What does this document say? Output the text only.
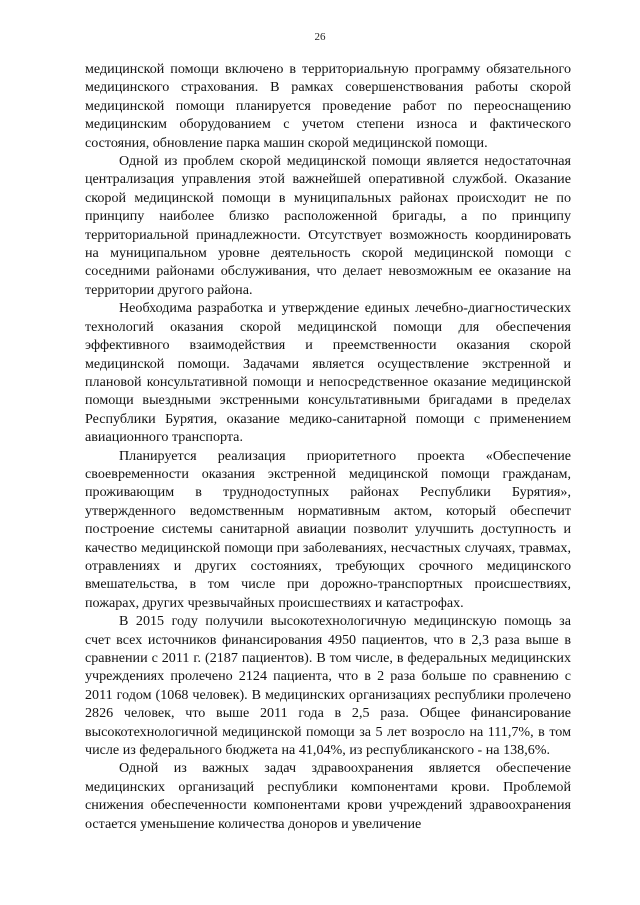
26

медицинской помощи включено в территориальную программу обязательного медицинского страхования. В рамках совершенствования работы скорой медицинской помощи планируется проведение работ по переоснащению медицинским оборудованием с учетом степени износа и фактического состояния, обновление парка машин скорой медицинской помощи.

Одной из проблем скорой медицинской помощи является недостаточная централизация управления этой важнейшей оперативной службой. Оказание скорой медицинской помощи в муниципальных районах происходит не по принципу наиболее близко расположенной бригады, а по принципу территориальной принадлежности. Отсутствует возможность координировать на муниципальном уровне деятельность скорой медицинской помощи с соседними районами обслуживания, что делает невозможным ее оказание на территории другого района.

Необходима разработка и утверждение единых лечебно-диагностических технологий оказания скорой медицинской помощи для обеспечения эффективного взаимодействия и преемственности оказания скорой медицинской помощи. Задачами является осуществление экстренной и плановой консультативной помощи и непосредственное оказание медицинской помощи выездными экстренными консультативными бригадами в пределах Республики Бурятия, оказание медико-санитарной помощи с применением авиационного транспорта.

Планируется реализация приоритетного проекта «Обеспечение своевременности оказания экстренной медицинской помощи гражданам, проживающим в труднодоступных районах Республики Бурятия», утвержденного ведомственным нормативным актом, который обеспечит построение системы санитарной авиации позволит улучшить доступность и качество медицинской помощи при заболеваниях, несчастных случаях, травмах, отравлениях и других состояниях, требующих срочного медицинского вмешательства, в том числе при дорожно-транспортных происшествиях, пожарах, других чрезвычайных происшествиях и катастрофах.

В 2015 году получили высокотехнологичную медицинскую помощь за счет всех источников финансирования 4950 пациентов, что в 2,3 раза выше в сравнении с 2011 г. (2187 пациентов). В том числе, в федеральных медицинских учреждениях пролечено 2124 пациента, что в 2 раза больше по сравнению с 2011 годом (1068 человек). В медицинских организациях республики пролечено 2826 человек, что выше 2011 года в 2,5 раза. Общее финансирование высокотехнологичной медицинской помощи за 5 лет возросло на 111,7%, в том числе из федерального бюджета на 41,04%, из республиканского - на 138,6%.

Одной из важных задач здравоохранения является обеспечение медицинских организаций республики компонентами крови. Проблемой снижения обеспеченности компонентами крови учреждений здравоохранения остается уменьшение количества доноров и увеличение
